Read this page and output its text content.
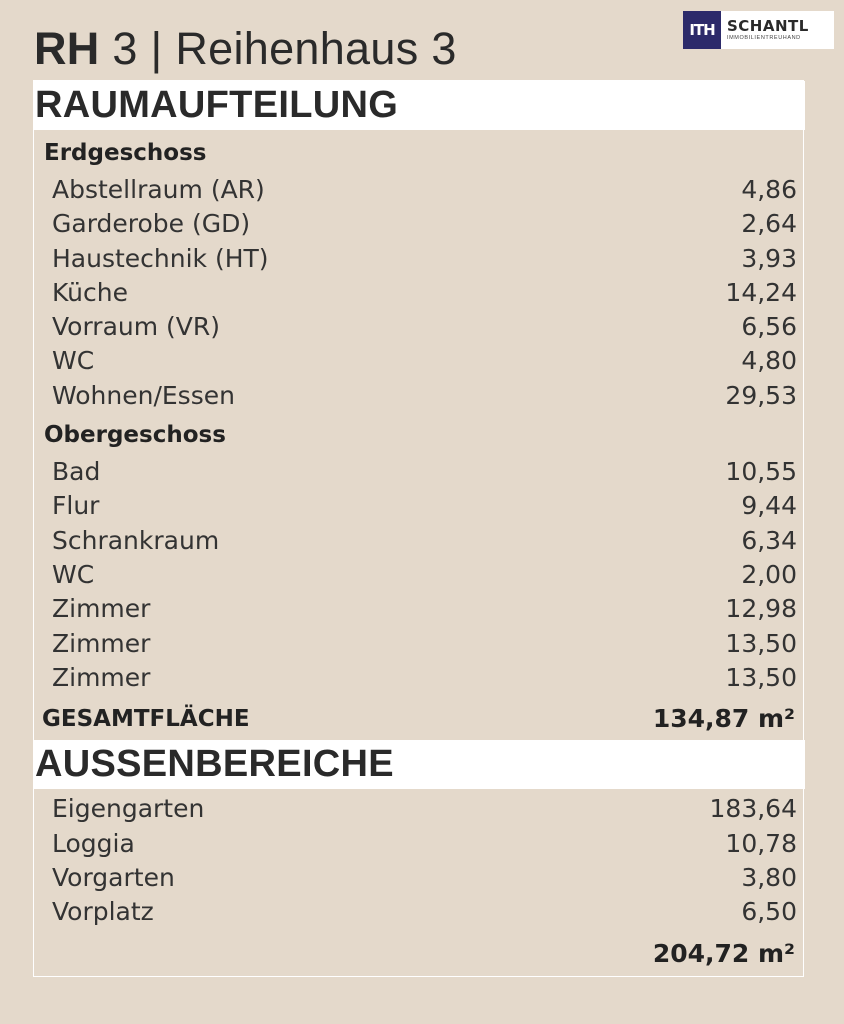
RH 3 | Reihenhaus 3	ITH SCHANTL
IMMOBILIENTREUHAND
RAUMAUFTEILUNG
Erdgeschoss
Abstellraum (AR)	4,86
Garderobe (GD)	2,64
Haustechnik (HT)	3,93
Küche	14,24
Vorraum (VR)	6,56
WC	4,80
Wohnen/Essen	29,53
Obergeschoss
Bad	10,55
Flur	9,44
Schrankraum	6,34
WC	2,00
Zimmer	12,98
Zimmer	13,50
Zimmer	13,50
GESAMTFLÄCHE	134,87 m²
AUSSENBEREICHE
Eigengarten	183,64
Loggia	10,78
Vorgarten	3,80
Vorplatz	6,50
204,72 m²
